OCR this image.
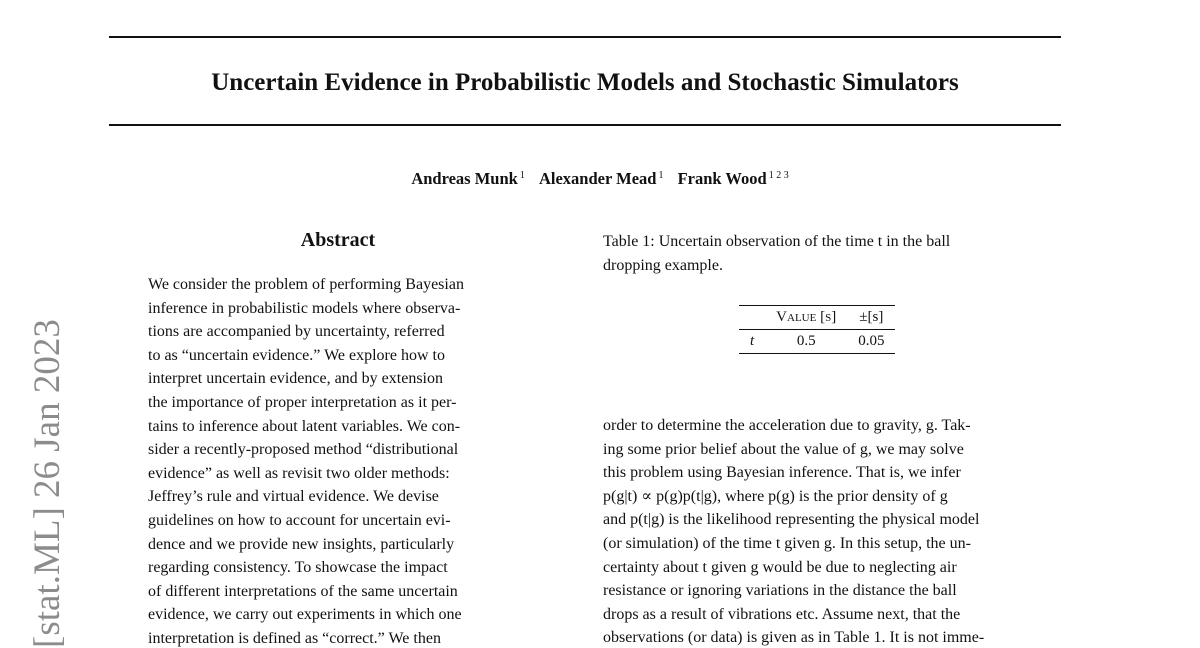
[stat.ML] 26 Jan 2023
Uncertain Evidence in Probabilistic Models and Stochastic Simulators
Andreas Munk $^1$ Alexander Mead $^1$ Frank Wood $^{1 2 3}$
Abstract
We consider the problem of performing Bayesian
inference in probabilistic models where observa-
tions are accompanied by uncertainty, referred
to as “uncertain evidence.” We explore how to
interpret uncertain evidence, and by extension
the importance of proper interpretation as it per-
tains to inference about latent variables. We con-
sider a recently-proposed method “distributional
evidence” as well as revisit two older methods:
Jeffrey’s rule and virtual evidence. We devise
guidelines on how to account for uncertain evi-
dence and we provide new insights, particularly
regarding consistency. To showcase the impact
of different interpretations of the same uncertain
evidence, we carry out experiments in which one
interpretation is defined as “correct.” We then
Table 1: Uncertain observation of the time t in the ball
dropping example.
	Value [s]	±[s]
t	0.5	0.05
order to determine the acceleration due to gravity, g. Tak-
ing some prior belief about the value of g, we may solve
this problem using Bayesian inference. That is, we infer
p(g|t) ∝ p(g)p(t|g), where p(g) is the prior density of g
and p(t|g) is the likelihood representing the physical model
(or simulation) of the time t given g. In this setup, the un-
certainty about t given g would be due to neglecting air
resistance or ignoring variations in the distance the ball
drops as a result of vibrations etc. Assume next, that the
observations (or data) is given as in Table 1. It is not imme-
